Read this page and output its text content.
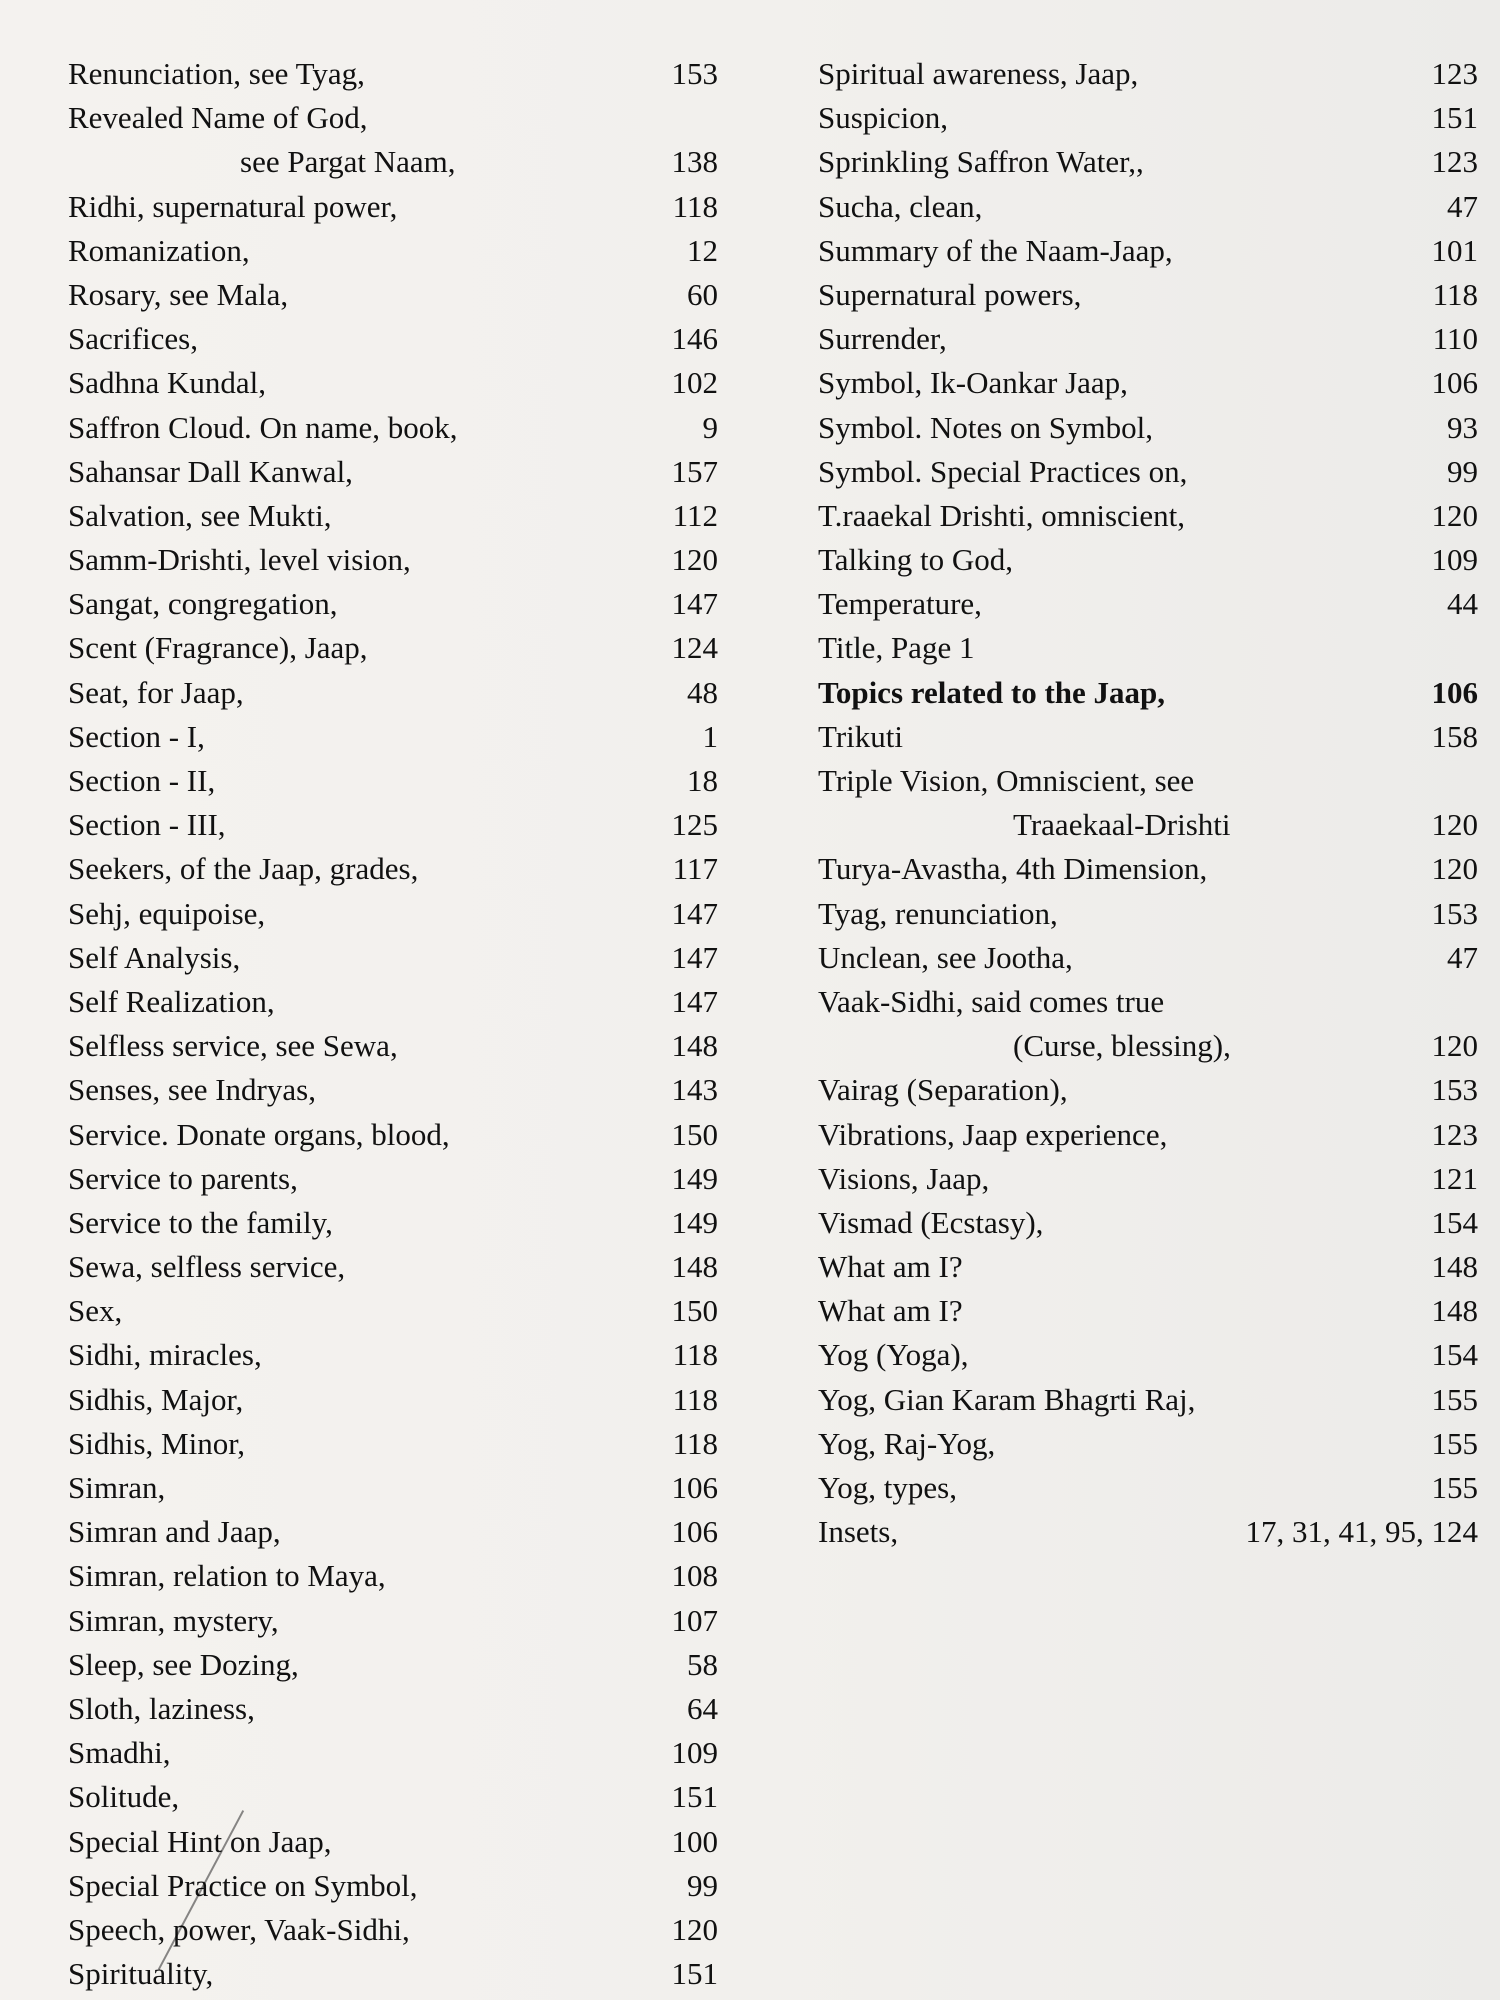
Renunciation, see Tyag,	153
Revealed Name of God,
see Pargat Naam,	138
Ridhi, supernatural power,	118
Romanization,	12
Rosary, see Mala,	60
Sacrifices,	146
Sadhna Kundal,	102
Saffron Cloud. On name, book,	9
Sahansar Dall Kanwal,	157
Salvation, see Mukti,	112
Samm-Drishti, level vision,	120
Sangat, congregation,	147
Scent (Fragrance), Jaap,	124
Seat, for Jaap,	48
Section - I,	1
Section - II,	18
Section - III,	125
Seekers, of the Jaap, grades,	117
Sehj, equipoise,	147
Self Analysis,	147
Self Realization,	147
Selfless service, see Sewa,	148
Senses, see Indryas,	143
Service. Donate organs, blood,	150
Service to parents,	149
Service to the family,	149
Sewa, selfless service,	148
Sex,	150
Sidhi, miracles,	118
Sidhis, Major,	118
Sidhis, Minor,	118
Simran,	106
Simran and Jaap,	106
Simran, relation to Maya,	108
Simran, mystery,	107
Sleep, see Dozing,	58
Sloth, laziness,	64
Smadhi,	109
Solitude,	151
Special Hint on Jaap,	100
Special Practice on Symbol,	99
Speech, power, Vaak-Sidhi,	120
Spirituality,	151
Spiritual awareness, Jaap,	123
Suspicion,	151
Sprinkling Saffron Water,,	123
Sucha, clean,	47
Summary of the Naam-Jaap,	101
Supernatural powers,	118
Surrender,	110
Symbol, Ik-Oankar Jaap,	106
Symbol. Notes on Symbol,	93
Symbol. Special Practices on,	99
T.raaekal Drishti, omniscient,	120
Talking to God,	109
Temperature,	44
Title, Page 1
Topics related to the Jaap,	106
Trikuti	158
Triple Vision, Omniscient, see
Traaekaal-Drishti	120
Turya-Avastha, 4th Dimension,	120
Tyag, renunciation,	153
Unclean, see Jootha,	47
Vaak-Sidhi, said comes true
(Curse, blessing),	120
Vairag (Separation),	153
Vibrations, Jaap experience,	123
Visions, Jaap,	121
Vismad (Ecstasy),	154
What am I?	148
What am I?	148
Yog (Yoga),	154
Yog, Gian Karam Bhagrti Raj,	155
Yog, Raj-Yog,	155
Yog, types,	155
Insets,	17, 31, 41, 95, 124
